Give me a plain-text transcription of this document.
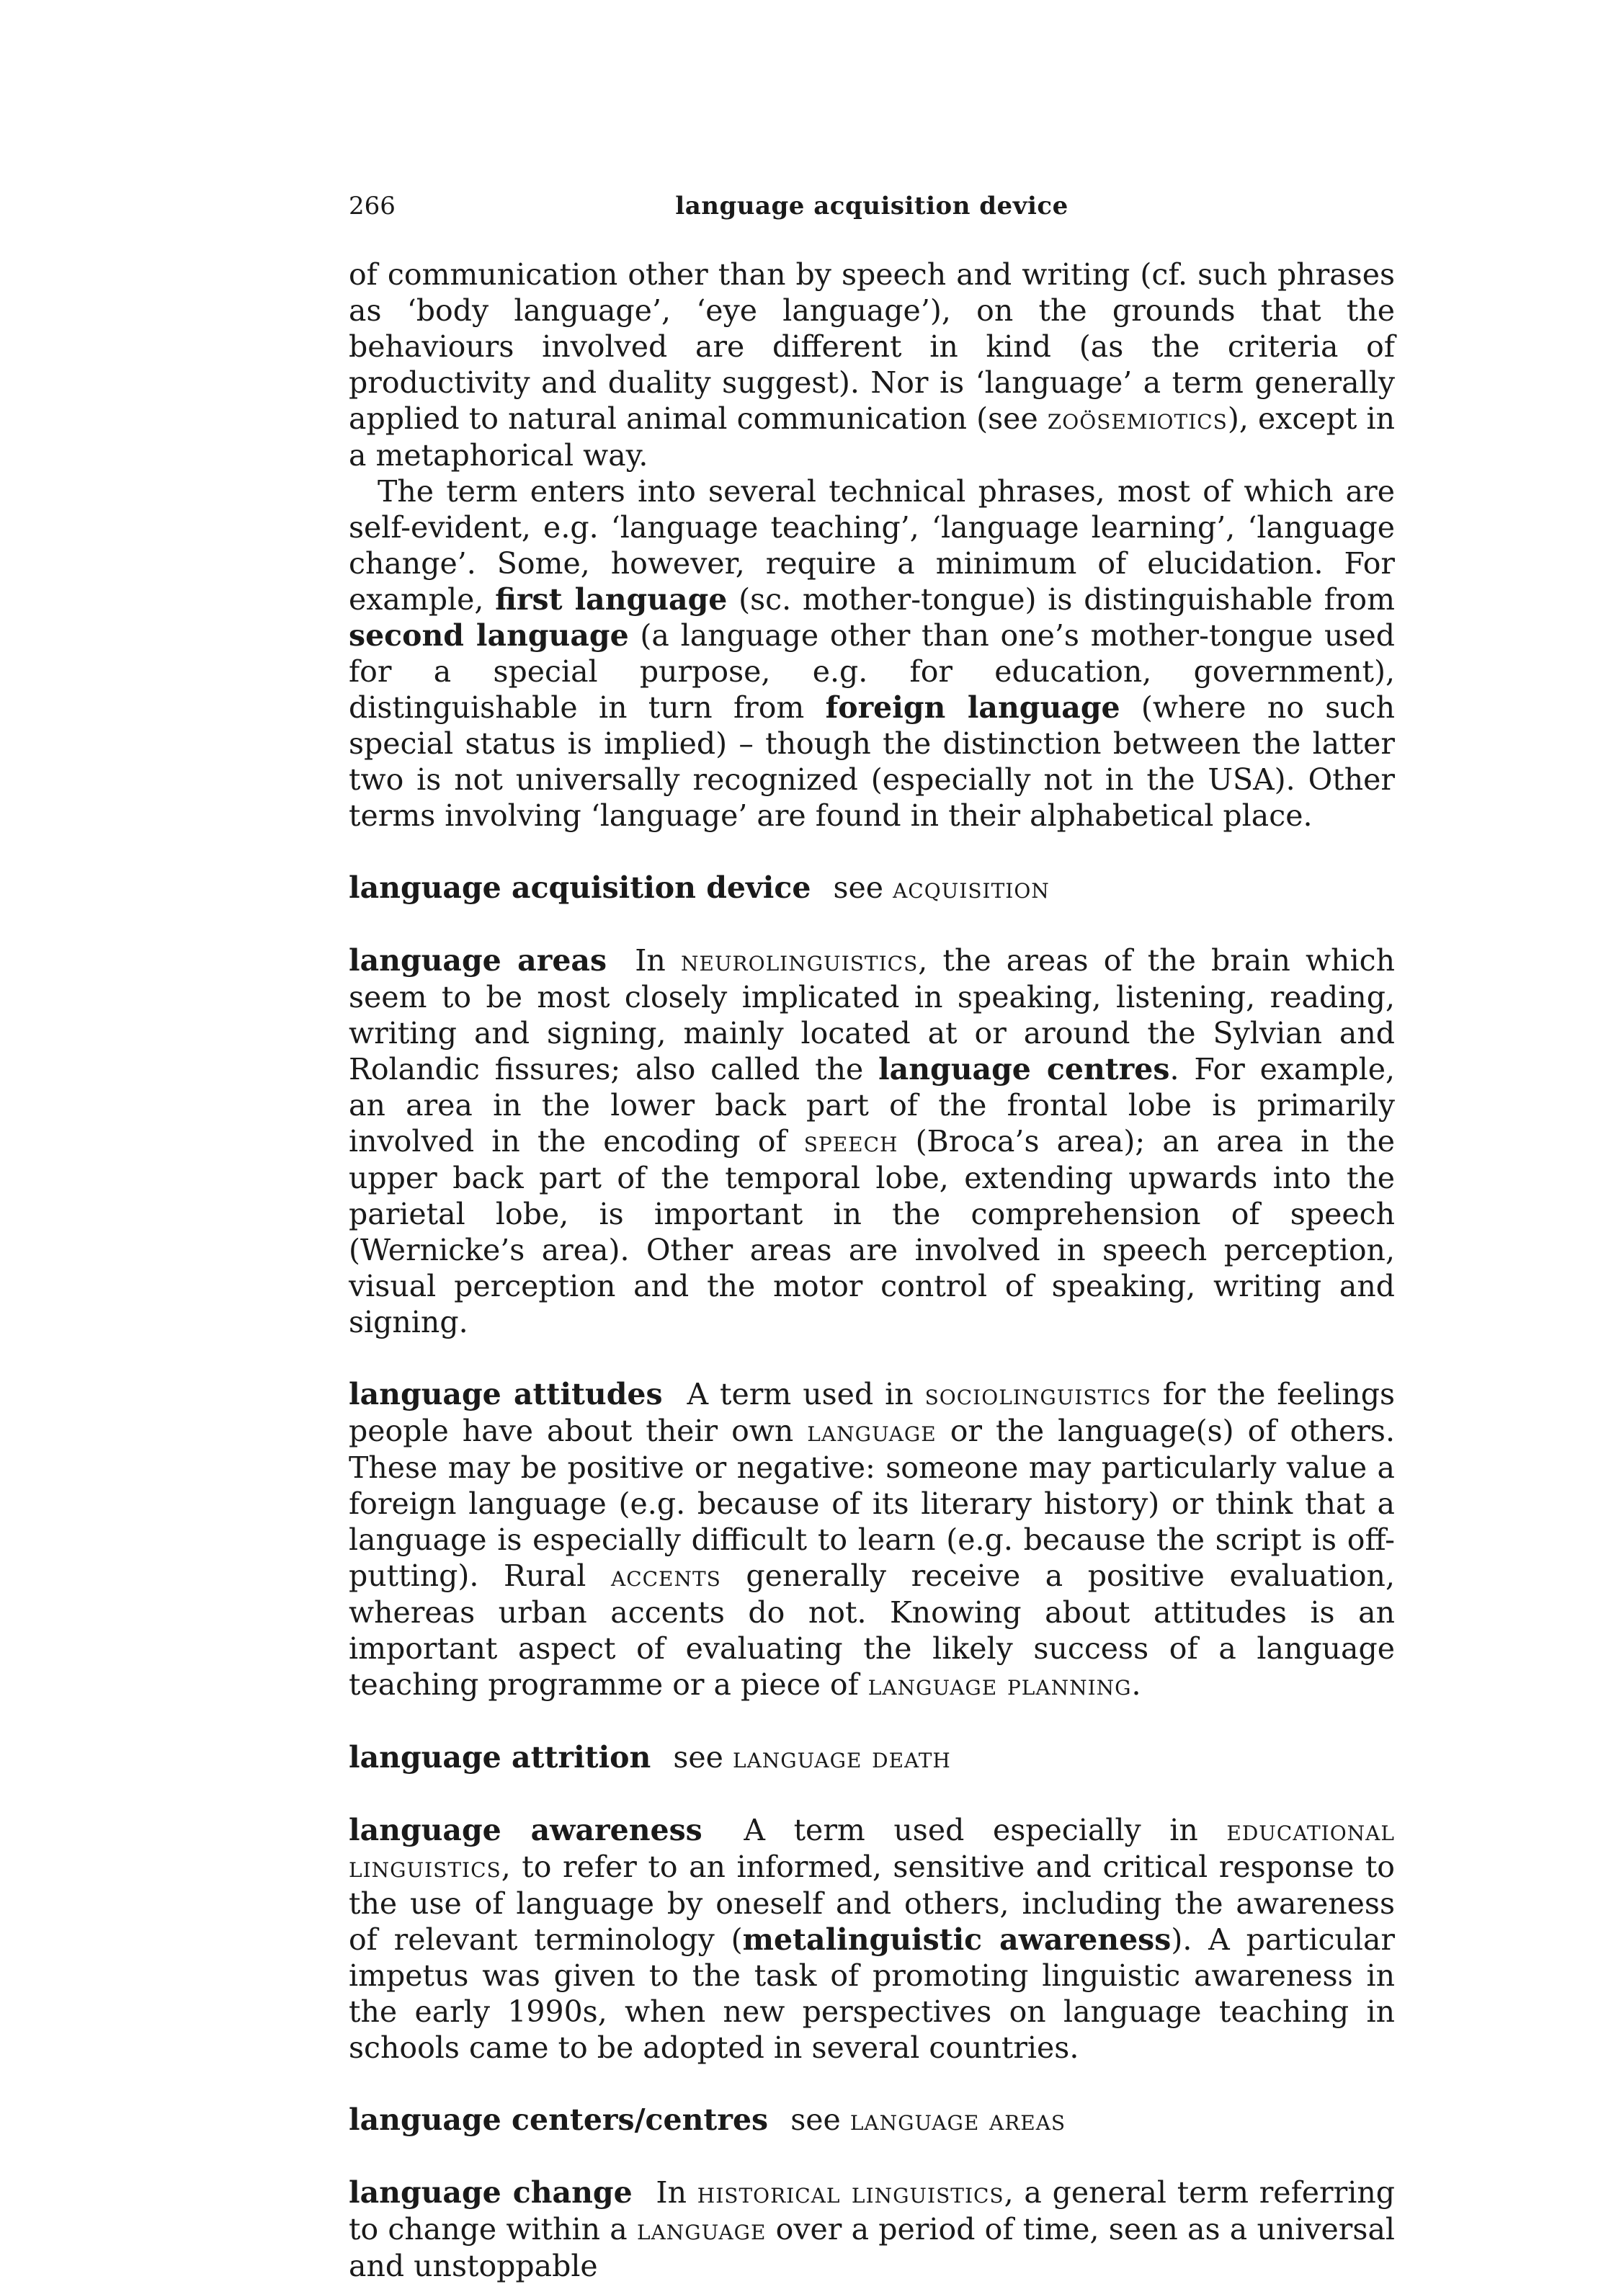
266	language acquisition device

of communication other than by speech and writing (cf. such phrases as ‘body language’, ‘eye language’), on the grounds that the behaviours involved are different in kind (as the criteria of productivity and duality suggest). Nor is ‘language’ a term generally applied to natural animal communication (see zoösemiotics), except in a metaphorical way.

The term enters into several technical phrases, most of which are self-evident, e.g. ‘language teaching’, ‘language learning’, ‘language change’. Some, however, require a minimum of elucidation. For example, first language (sc. mother-tongue) is distinguishable from second language (a language other than one’s mother-tongue used for a special purpose, e.g. for education, government), distinguishable in turn from foreign language (where no such special status is implied) – though the distinction between the latter two is not universally recognized (especially not in the USA). Other terms involving ‘language’ are found in their alphabetical place.

language acquisition device see acquisition

language areas In neurolinguistics, the areas of the brain which seem to be most closely implicated in speaking, listening, reading, writing and signing, mainly located at or around the Sylvian and Rolandic fissures; also called the language centres. For example, an area in the lower back part of the frontal lobe is primarily involved in the encoding of speech (Broca’s area); an area in the upper back part of the temporal lobe, extending upwards into the parietal lobe, is important in the comprehension of speech (Wernicke’s area). Other areas are involved in speech perception, visual perception and the motor control of speaking, writing and signing.

language attitudes A term used in sociolinguistics for the feelings people have about their own language or the language(s) of others. These may be positive or negative: someone may particularly value a foreign language (e.g. because of its literary history) or think that a language is especially difficult to learn (e.g. because the script is off-putting). Rural accents generally receive a positive evaluation, whereas urban accents do not. Knowing about attitudes is an important aspect of evaluating the likely success of a language teaching programme or a piece of language planning.

language attrition see language death

language awareness A term used especially in educational linguistics, to refer to an informed, sensitive and critical response to the use of language by oneself and others, including the awareness of relevant terminology (metalinguistic awareness). A particular impetus was given to the task of promoting linguistic awareness in the early 1990s, when new perspectives on language teaching in schools came to be adopted in several countries.

language centers/centres see language areas

language change In historical linguistics, a general term referring to change within a language over a period of time, seen as a universal and unstoppable
